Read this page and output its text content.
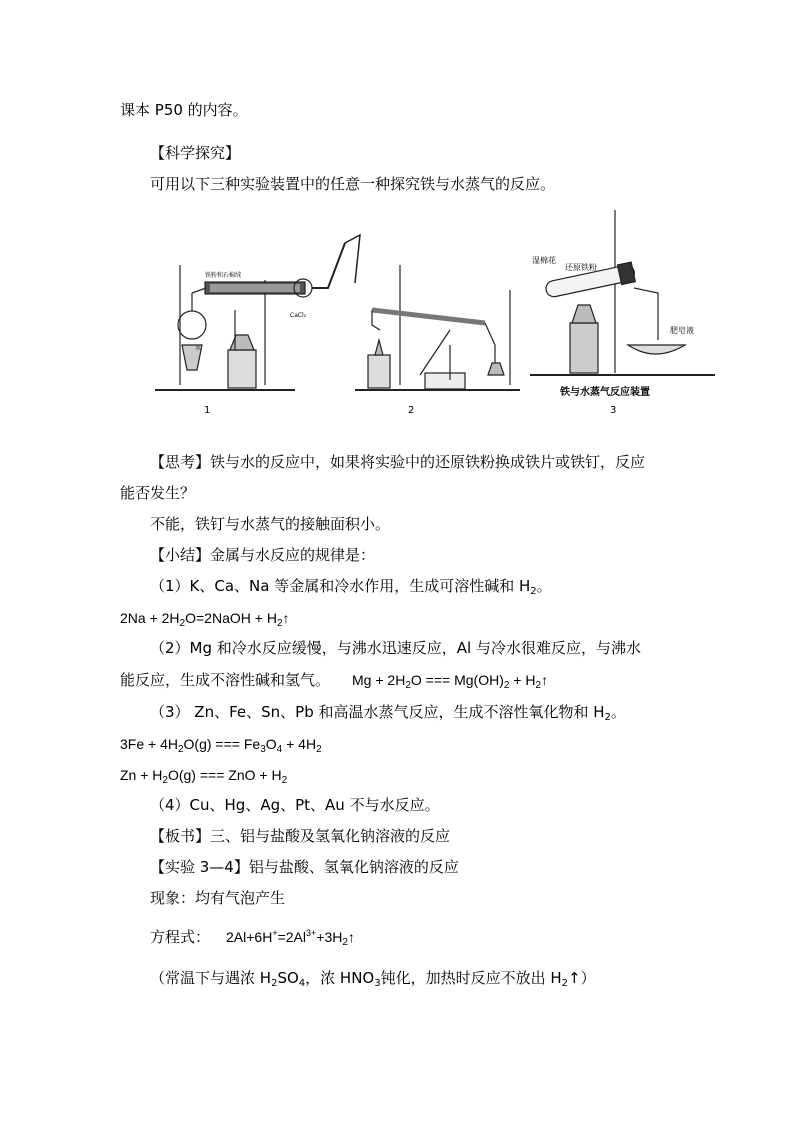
课本 P50 的内容。
【科学探究】
可用以下三种实验装置中的任意一种探究铁与水蒸气的反应。
铁粉和石棉绒
水
CaCl₂
湿棉花
还原铁粉
肥皂液
铁与水蒸气反应装置
1	2	3
【思考】铁与水的反应中，如果将实验中的还原铁粉换成铁片或铁钉，反应
能否发生？
不能，铁钉与水蒸气的接触面积小。
【小结】金属与水反应的规律是：
（1）K、Ca、Na 等金属和冷水作用，生成可溶性碱和 $H_2$。
$2Na + 2H_2O=2NaOH$ + $H_2↑$
（2）Mg 和冷水反应缓慢，与沸水迅速反应，Al 与冷水很难反应，与沸水
能反应，生成不溶性碱和氢气。 $Mg + 2H_2O$ === $Mg(OH)_2$ + $H_2↑$
（3） Zn、Fe、Sn、Pb 和高温水蒸气反应，生成不溶性氧化物和 $H_2$。
$3Fe + 4H_2O(g)$ === $Fe_3O_4 + 4H_2$
$Zn + H_2O(g)$ === ZnO + $H_2$
（4）Cu、Hg、Ag、Pt、Au 不与水反应。
【板书】三、铝与盐酸及氢氧化钠溶液的反应
【实验 3—4】铝与盐酸、氢氧化钠溶液的反应
现象：均有气泡产生
方程式： $2Al+6H^+=2Al^{3+}+3H_2↑$
（常温下与遇浓 $H_2SO_4$，浓 $HNO_3$钝化，加热时反应不放出 $H_2↑$）
